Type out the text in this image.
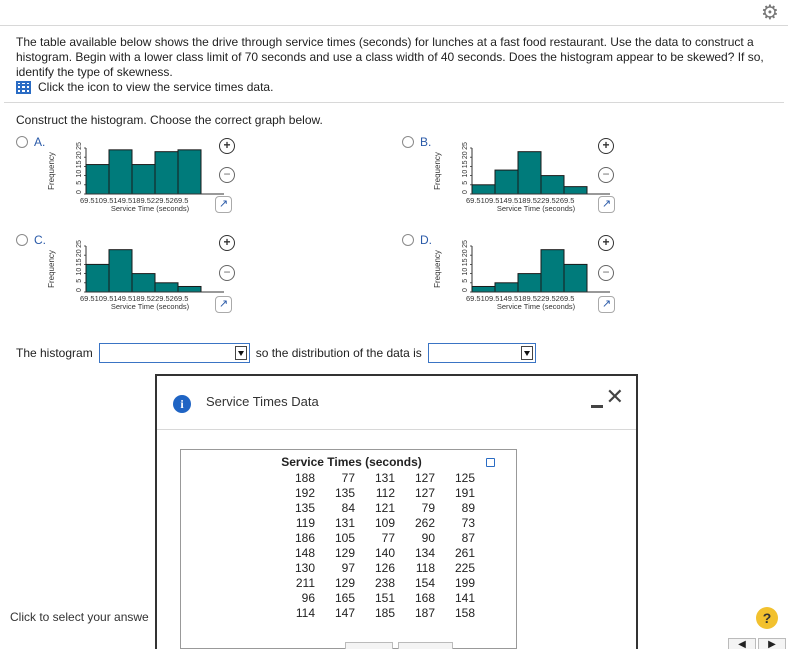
⚙
The table available below shows the drive through service times (seconds) for lunches at a fast food restaurant. Use the data to construct a histogram. Begin with a lower class limit of 70 seconds and use a class width of 40 seconds. Does the histogram appear to be skewed? If so, identify the type of skewness.
Click the icon to view the service times data.
Construct the histogram. Choose the correct graph below.
A.
Frequency
25
20
15
10
5
0
69.5109.5149.5189.5229.5269.5
Service Time (seconds)
+
−
↗
B.
Frequency
25
20
15
10
5
0
69.5109.5149.5189.5229.5269.5
Service Time (seconds)
+
−
↗
C.
Frequency
25
20
15
10
5
0
69.5109.5149.5189.5229.5269.5
Service Time (seconds)
+
−
↗
D.
Frequency
25
20
15
10
5
0
69.5109.5149.5189.5229.5269.5
Service Time (seconds)
+
−
↗
The histogram	so the distribution of the data is
Click to select your answe	?
◀	▶
i	Service Times Data	✕
Service Times (seconds)
188	77	131	127	125
192	135	112	127	191
135	84	121	79	89
119	131	109	262	73
186	105	77	90	87
148	129	140	134	261
130	97	126	118	225
211	129	238	154	199
96	165	151	168	141
114	147	185	187	158
